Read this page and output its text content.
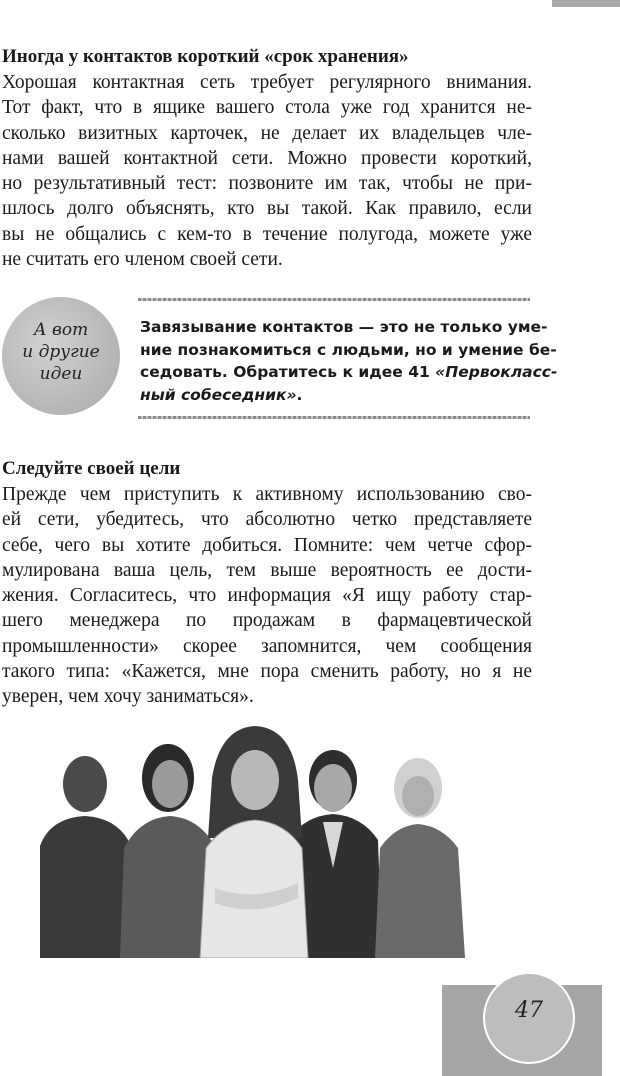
Иногда у контактов короткий «срок хранения»
Хорошая контактная сеть требует регулярного внимания.
Тот факт, что в ящике вашего стола уже год хранится не-
сколько визитных карточек, не делает их владельцев чле-
нами вашей контактной сети. Можно провести короткий,
но результативный тест: позвоните им так, чтобы не при-
шлось долго объяснять, кто вы такой. Как правило, если
вы не общались с кем-то в течение полугода, можете уже
не считать его членом своей сети.
А вот
и другие
идеи
Завязывание контактов — это не только уме-
ние познакомиться с людьми, но и умение бе-
седовать. Обратитесь к идее 41 «Первокласс-
ный собеседник».
Следуйте своей цели
Прежде чем приступить к активному использованию сво-
ей сети, убедитесь, что абсолютно четко представляете
себе, чего вы хотите добиться. Помните: чем четче сфор-
мулирована ваша цель, тем выше вероятность ее дости-
жения. Согласитесь, что информация «Я ищу работу стар-
шего менеджера по продажам в фармацевтической
промышленности» скорее запомнится, чем сообщения
такого типа: «Кажется, мне пора сменить работу, но я не
уверен, чем хочу заниматься».
47
